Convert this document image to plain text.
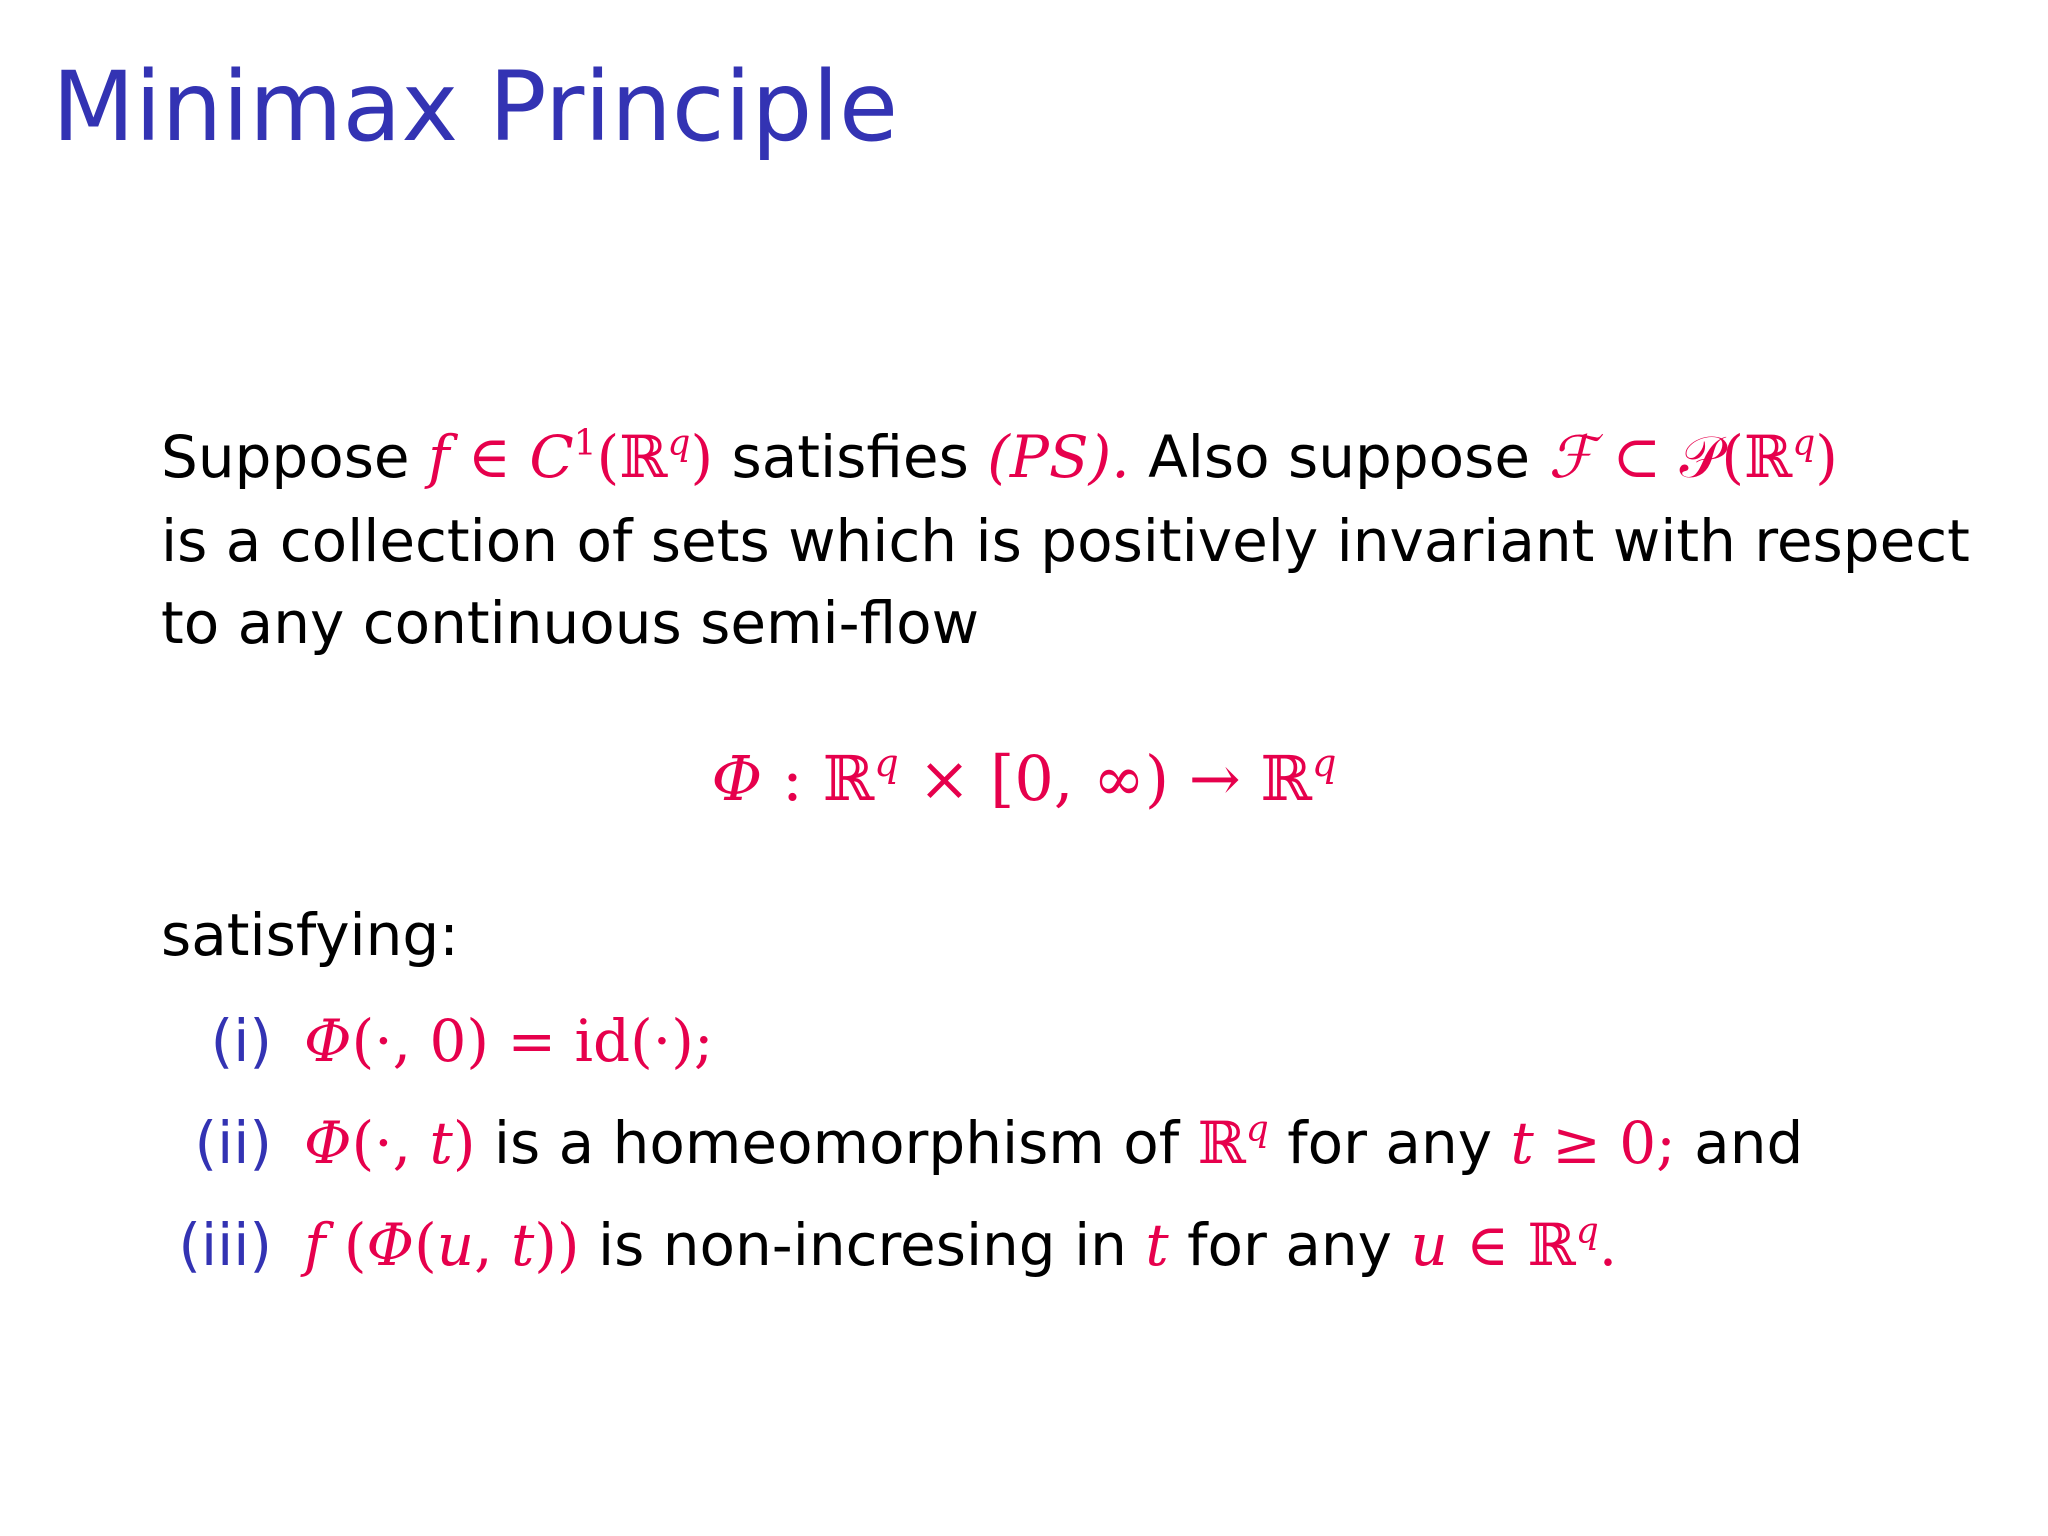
Minimax Principle
Suppose f ∈ $C^1(ℝ^q)$ satisfies (PS). Also suppose ℱ ⊂ 𝒫(ℝ$^q$)
is a collection of sets which is positively invariant with respect
to any continuous semi-flow
Φ : ℝ$^q$ × [0, ∞) → ℝ$^q$
satisfying:
(i) Φ(·, 0) = id(·);
(ii) Φ(·, t) is a homeomorphism of ℝ$^q$ for any t ≥ 0; and
(iii) f (Φ(u, t)) is non-incresing in t for any u ∈ ℝ$^q$.
